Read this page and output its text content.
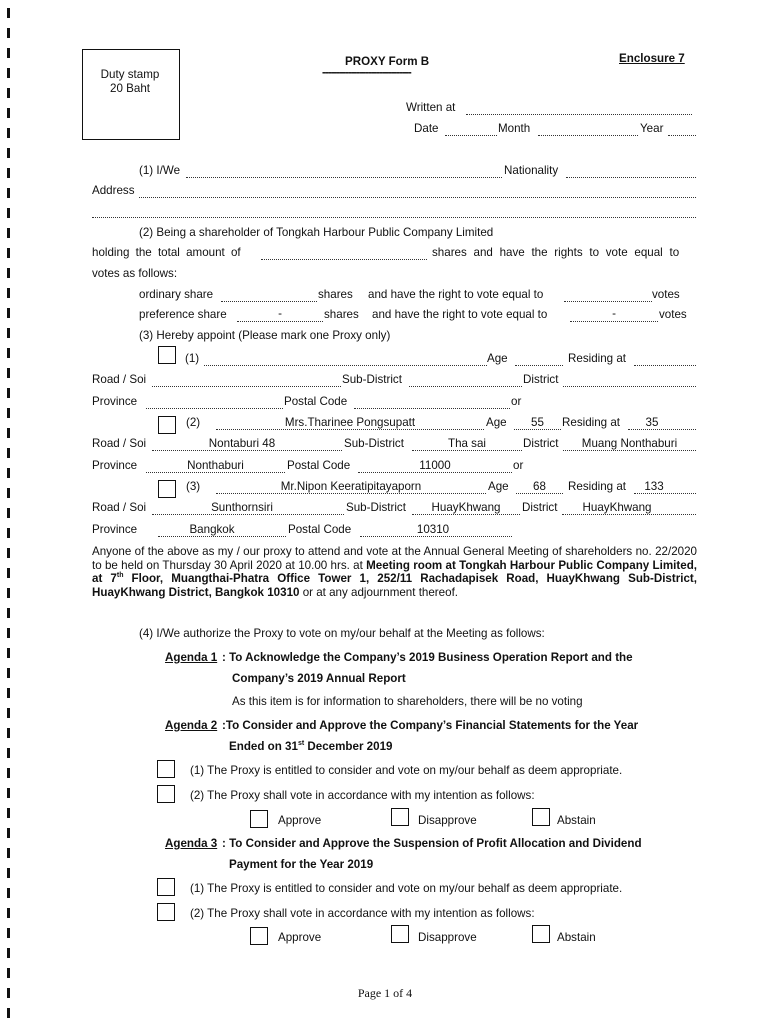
Duty stamp
20 Baht
PROXY Form B
-------------------------------
Enclosure 7
Written at
Date	Month	Year
(1) I/We	Nationality
Address
(2) Being a shareholder of Tongkah Harbour Public Company Limited
holding the total amount of	shares and have the rights to vote equal to
votes as follows:
ordinary share	shares and have the right to vote equal to	votes
preference share	-	shares and have the right to vote equal to	-	votes
(3) Hereby appoint (Please mark one Proxy only)
(1)	Age	Residing at
Road / Soi	Sub-District	District
Province	Postal Code	or
(2)	Mrs.Tharinee Pongsupatt	Age	55	Residing at	35
Road / Soi	Nontaburi 48	Sub-District	Tha sai	District	Muang Nonthaburi
Province	Nonthaburi	Postal Code	11000	or
(3)	Mr.Nipon Keeratipitayaporn	Age	68	Residing at	133
Road / Soi	Sunthornsiri	Sub-District	HuayKhwang	District	HuayKhwang
Province	Bangkok	Postal Code	10310
Anyone of the above as my / our proxy to attend and vote at the Annual General Meeting of shareholders no. 22/2020 to be held on Thursday 30 April 2020 at 10.00 hrs. at Meeting room at Tongkah Harbour Public Company Limited, at 7th Floor, Muangthai-Phatra Office Tower 1, 252/11 Rachadapisek Road, HuayKhwang Sub-District, HuayKhwang District, Bangkok 10310 or at any adjournment thereof.
(4) I/We authorize the Proxy to vote on my/our behalf at the Meeting as follows:
Agenda 1 : To Acknowledge the Company’s 2019 Business Operation Report and the
Company’s 2019 Annual Report
As this item is for information to shareholders, there will be no voting
Agenda 2 :To Consider and Approve the Company’s Financial Statements for the Year
Ended on 31st December 2019
(1) The Proxy is entitled to consider and vote on my/our behalf as deem appropriate.
(2) The Proxy shall vote in accordance with my intention as follows:
Approve	Disapprove	Abstain
Agenda 3 : To Consider and Approve the Suspension of Profit Allocation and Dividend
Payment for the Year 2019
(1) The Proxy is entitled to consider and vote on my/our behalf as deem appropriate.
(2) The Proxy shall vote in accordance with my intention as follows:
Approve	Disapprove	Abstain
Page 1 of 4
